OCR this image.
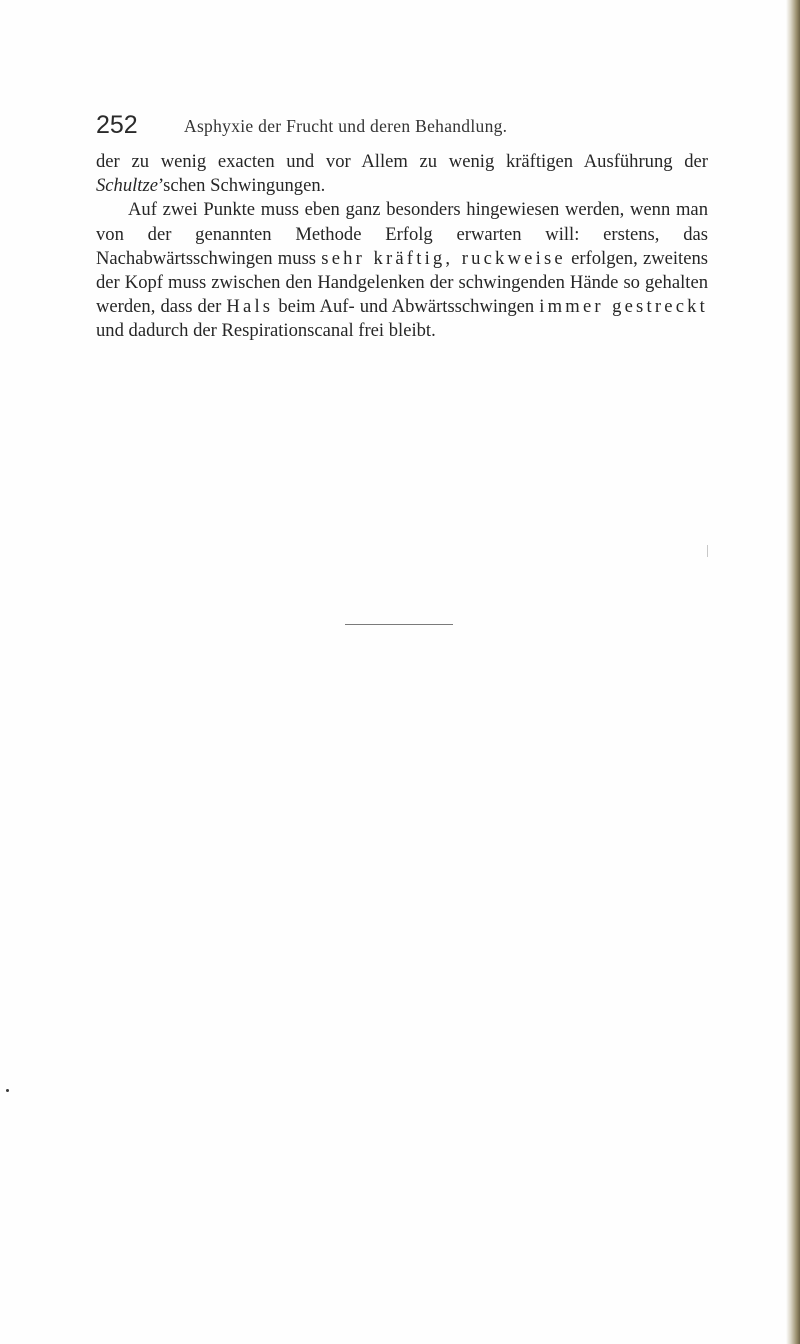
252	Asphyxie der Frucht und deren Behandlung.

der zu wenig exacten und vor Allem zu wenig kräftigen Ausführung der Schultze’schen Schwingungen.

Auf zwei Punkte muss eben ganz besonders hingewiesen werden, wenn man von der genannten Methode Erfolg erwarten will: erstens, das Nachabwärtsschwingen muss sehr kräftig, ruckweise erfolgen, zweitens der Kopf muss zwischen den Handgelenken der schwingenden Hände so gehalten werden, dass der Hals beim Auf- und Abwärtsschwingen immer gestreckt und dadurch der Respirationscanal frei bleibt.
